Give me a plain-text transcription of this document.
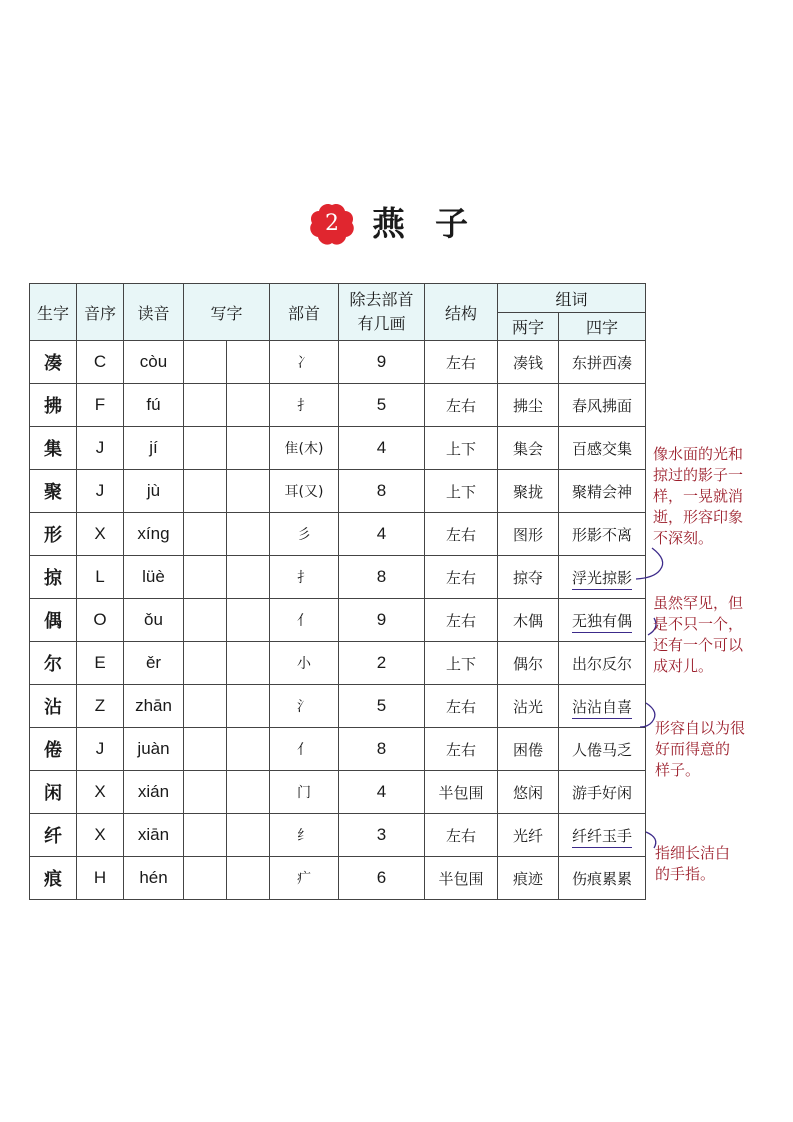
2	燕子
生字	音序	读音	写字		部首	除去部首有几画	结构	组词	
								两字	四字
凑	C	còu			冫	9	左右	凑钱	东拼西凑
拂	F	fú			扌	5	左右	拂尘	春风拂面
集	J	jí			隹(木)	4	上下	集会	百感交集
聚	J	jù			耳(又)	8	上下	聚拢	聚精会神
形	X	xíng			彡	4	左右	图形	形影不离
掠	L	lüè			扌	8	左右	掠夺	浮光掠影
偶	O	ǒu			亻	9	左右	木偶	无独有偶
尔	E	ěr			小	2	上下	偶尔	出尔反尔
沾	Z	zhān			氵	5	左右	沾光	沾沾自喜
倦	J	juàn			亻	8	左右	困倦	人倦马乏
闲	X	xián			门	4	半包围	悠闲	游手好闲
纤	X	xiān			纟	3	左右	光纤	纤纤玉手
痕	H	hén			疒	6	半包围	痕迹	伤痕累累
像水面的光和
掠过的影子一
样，一晃就消
逝，形容印象
不深刻。
虽然罕见，但
是不只一个，
还有一个可以
成对儿。
形容自以为很
好而得意的
样子。
指细长洁白
的手指。
